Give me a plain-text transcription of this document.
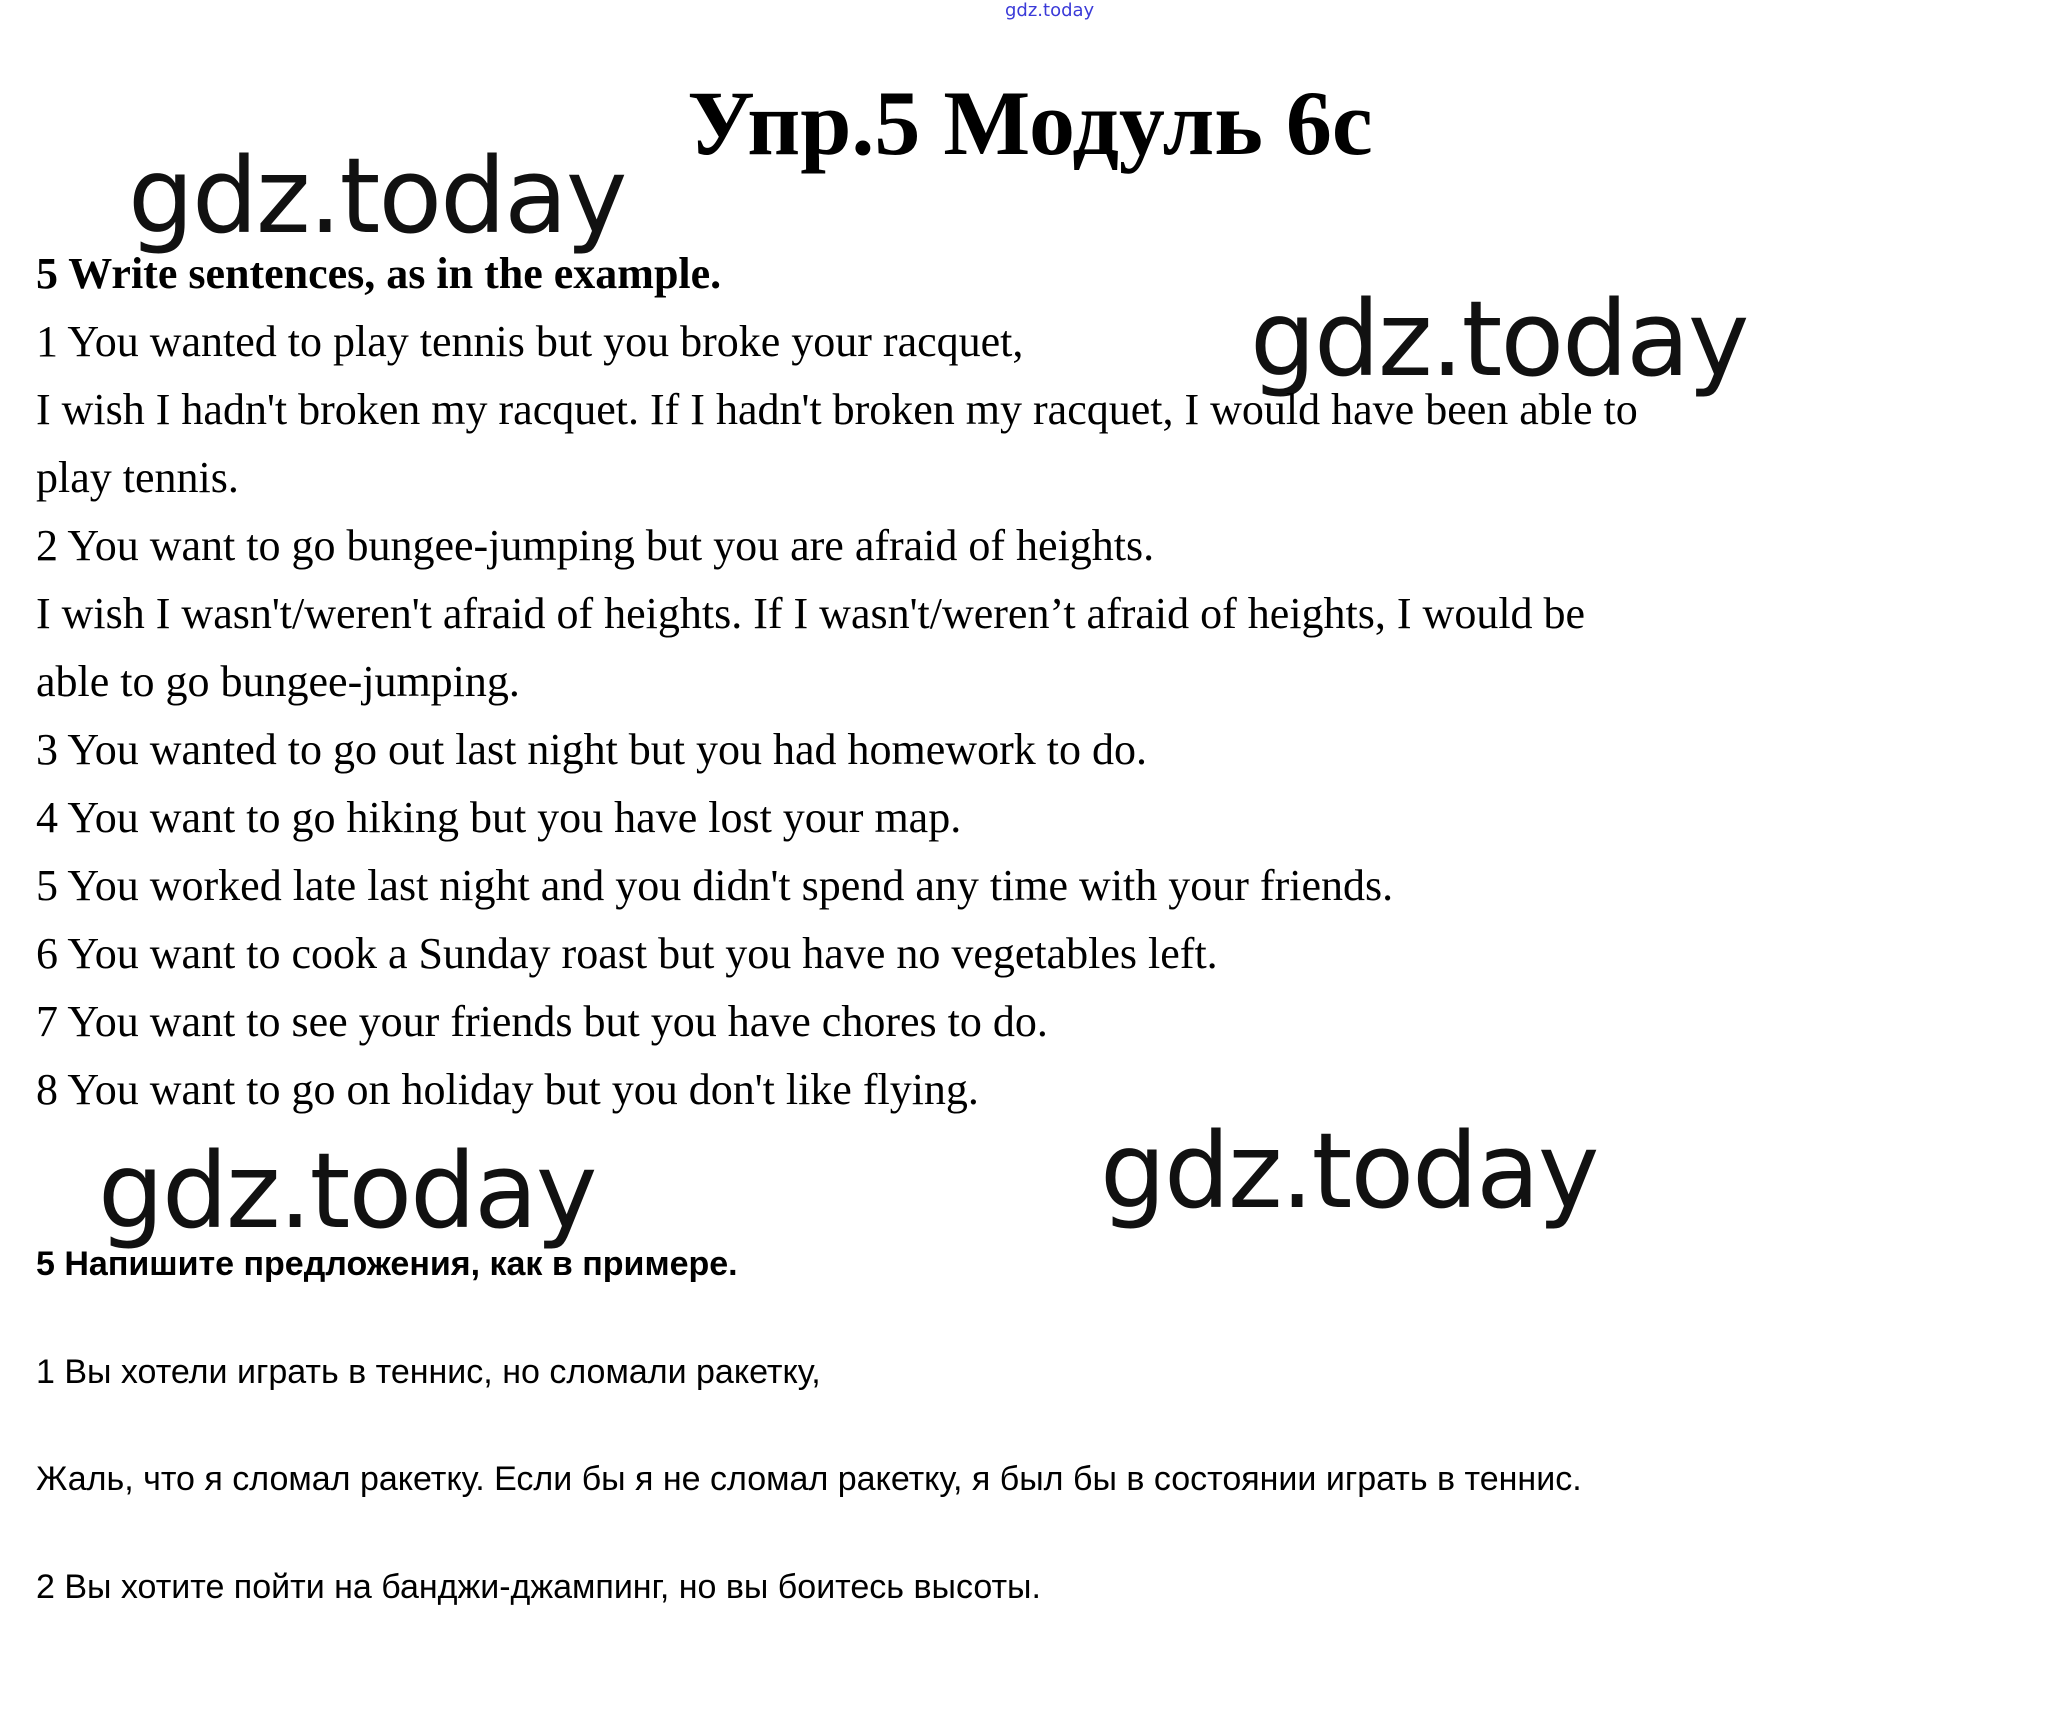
gdz.today
Упр.5 Модуль 6с
gdz.today
gdz.today
gdz.today	gdz.today
5 Write sentences, as in the example.
1 You wanted to play tennis but you broke your racquet,
I wish I hadn't broken my racquet. If I hadn't broken my racquet, I would have been able to
play tennis.
2 You want to go bungee-jumping but you are afraid of heights.
I wish I wasn't/weren't afraid of heights. If I wasn't/weren’t afraid of heights, I would be
able to go bungee-jumping.
3 You wanted to go out last night but you had homework to do.
4 You want to go hiking but you have lost your map.
5 You worked late last night and you didn't spend any time with your friends.
6 You want to cook a Sunday roast but you have no vegetables left.
7 You want to see your friends but you have chores to do.
8 You want to go on holiday but you don't like flying.
5 Напишите предложения, как в примере.
1 Вы хотели играть в теннис, но сломали ракетку,
Жаль, что я сломал ракетку. Если бы я не сломал ракетку, я был бы в состоянии играть в теннис.
2 Вы хотите пойти на банджи-джампинг, но вы боитесь высоты.
